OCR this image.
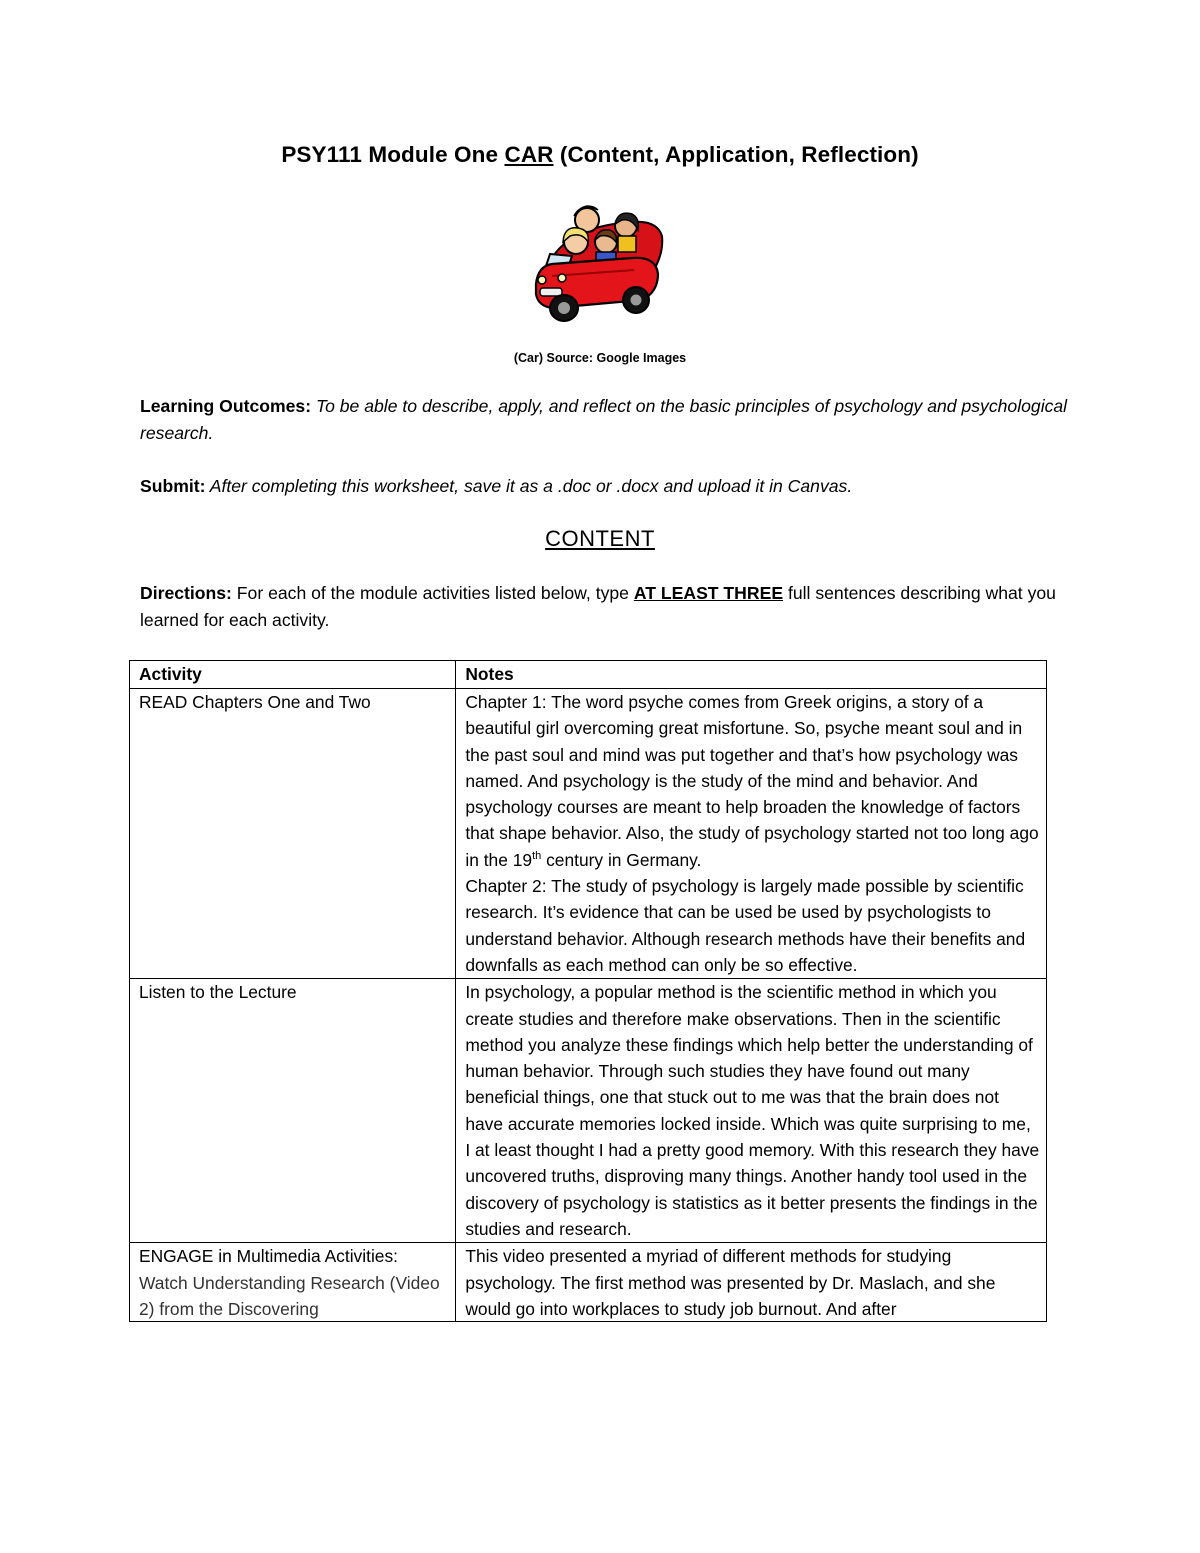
PSY111 Module One CAR (Content, Application, Reflection)
(Car) Source: Google Images
Learning Outcomes: To be able to describe, apply, and reflect on the basic principles of psychology and psychological research.
Submit: After completing this worksheet, save it as a .doc or .docx and upload it in Canvas.
CONTENT
Directions: For each of the module activities listed below, type AT LEAST THREE full sentences describing what you learned for each activity.
Activity	Notes
READ Chapters One and Two	Chapter 1: The word psyche comes from Greek origins, a story of a beautiful girl overcoming great misfortune. So, psyche meant soul and in the past soul and mind was put together and that’s how psychology was named. And psychology is the study of the mind and behavior. And psychology courses are meant to help broaden the knowledge of factors that shape behavior. Also, the study of psychology started not too long ago in the 19th century in Germany.
Chapter 2: The study of psychology is largely made possible by scientific research. It’s evidence that can be used be used by psychologists to understand behavior. Although research methods have their benefits and downfalls as each method can only be so effective.

Listen to the Lecture	In psychology, a popular method is the scientific method in which you create studies and therefore make observations. Then in the scientific method you analyze these findings which help better the understanding of human behavior. Through such studies they have found out many beneficial things, one that stuck out to me was that the brain does not have accurate memories locked inside. Which was quite surprising to me, I at least thought I had a pretty good memory. With this research they have uncovered truths, disproving many things. Another handy tool used in the discovery of psychology is statistics as it better presents the findings in the studies and research.

ENGAGE in Multimedia Activities:
Watch Understanding Research (Video 2) from the Discovering	This video presented a myriad of different methods for studying psychology. The first method was presented by Dr. Maslach, and she would go into workplaces to study job burnout. And after
